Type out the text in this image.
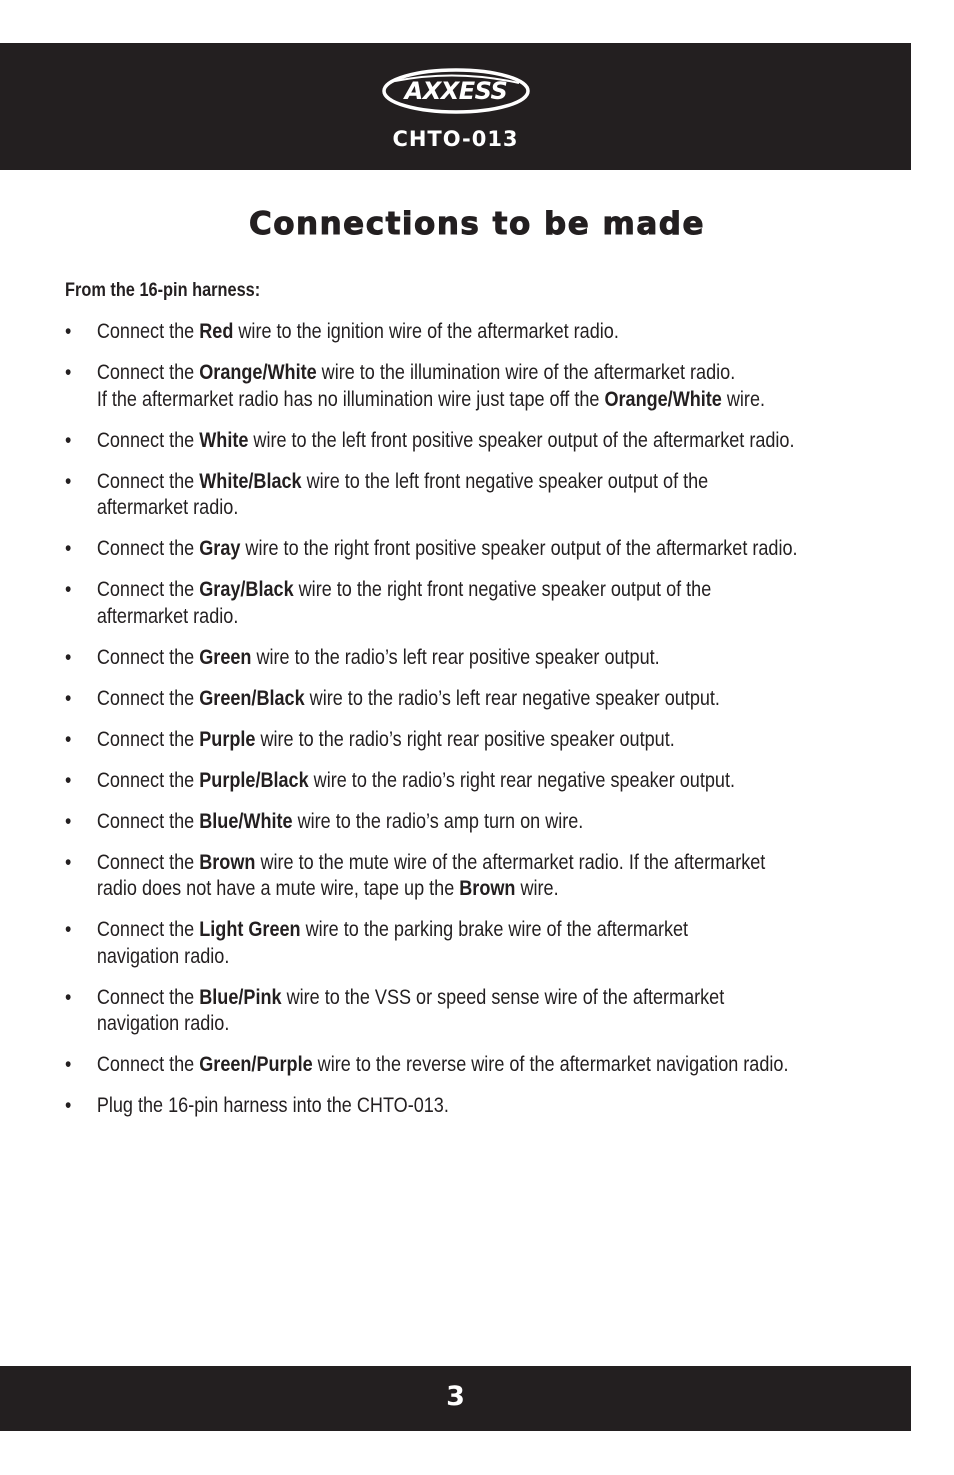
AXXESS
CHTO-013
Connections to be made
From the 16-pin harness:
• Connect the Red wire to the ignition wire of the aftermarket radio.
• Connect the Orange/White wire to the illumination wire of the aftermarket radio.
If the aftermarket radio has no illumination wire just tape off the Orange/White wire.
• Connect the White wire to the left front positive speaker output of the aftermarket radio.
• Connect the White/Black wire to the left front negative speaker output of the
aftermarket radio.
• Connect the Gray wire to the right front positive speaker output of the aftermarket radio.
• Connect the Gray/Black wire to the right front negative speaker output of the
aftermarket radio.
• Connect the Green wire to the radio’s left rear positive speaker output.
• Connect the Green/Black wire to the radio’s left rear negative speaker output.
• Connect the Purple wire to the radio’s right rear positive speaker output.
• Connect the Purple/Black wire to the radio’s right rear negative speaker output.
• Connect the Blue/White wire to the radio’s amp turn on wire.
• Connect the Brown wire to the mute wire of the aftermarket radio. If the aftermarket
radio does not have a mute wire, tape up the Brown wire.
• Connect the Light Green wire to the parking brake wire of the aftermarket
navigation radio.
• Connect the Blue/Pink wire to the VSS or speed sense wire of the aftermarket
navigation radio.
• Connect the Green/Purple wire to the reverse wire of the aftermarket navigation radio.
• Plug the 16-pin harness into the CHTO-013.
3
